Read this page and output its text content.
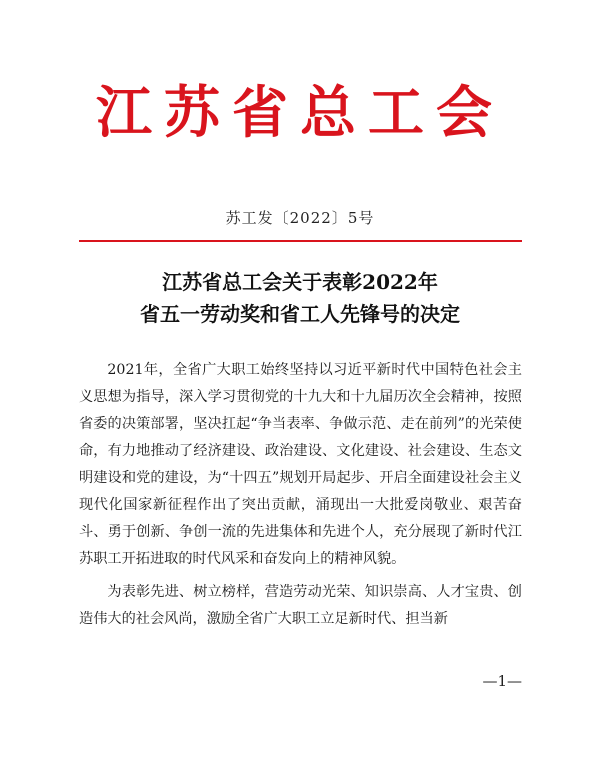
江苏省总工会
苏工发〔2022〕5号
江苏省总工会关于表彰2022年
省五一劳动奖和省工人先锋号的决定

2021年，全省广大职工始终坚持以习近平新时代中国特色社会主义思想为指导，深入学习贯彻党的十九大和十九届历次全会精神，按照省委的决策部署，坚决扛起“争当表率、争做示范、走在前列”的光荣使命，有力地推动了经济建设、政治建设、文化建设、社会建设、生态文明建设和党的建设，为“十四五”规划开局起步、开启全面建设社会主义现代化国家新征程作出了突出贡献，涌现出一大批爱岗敬业、艰苦奋斗、勇于创新、争创一流的先进集体和先进个人，充分展现了新时代江苏职工开拓进取的时代风采和奋发向上的精神风貌。

为表彰先进、树立榜样，营造劳动光荣、知识崇高、人才宝贵、创造伟大的社会风尚，激励全省广大职工立足新时代、担当新

—1—
